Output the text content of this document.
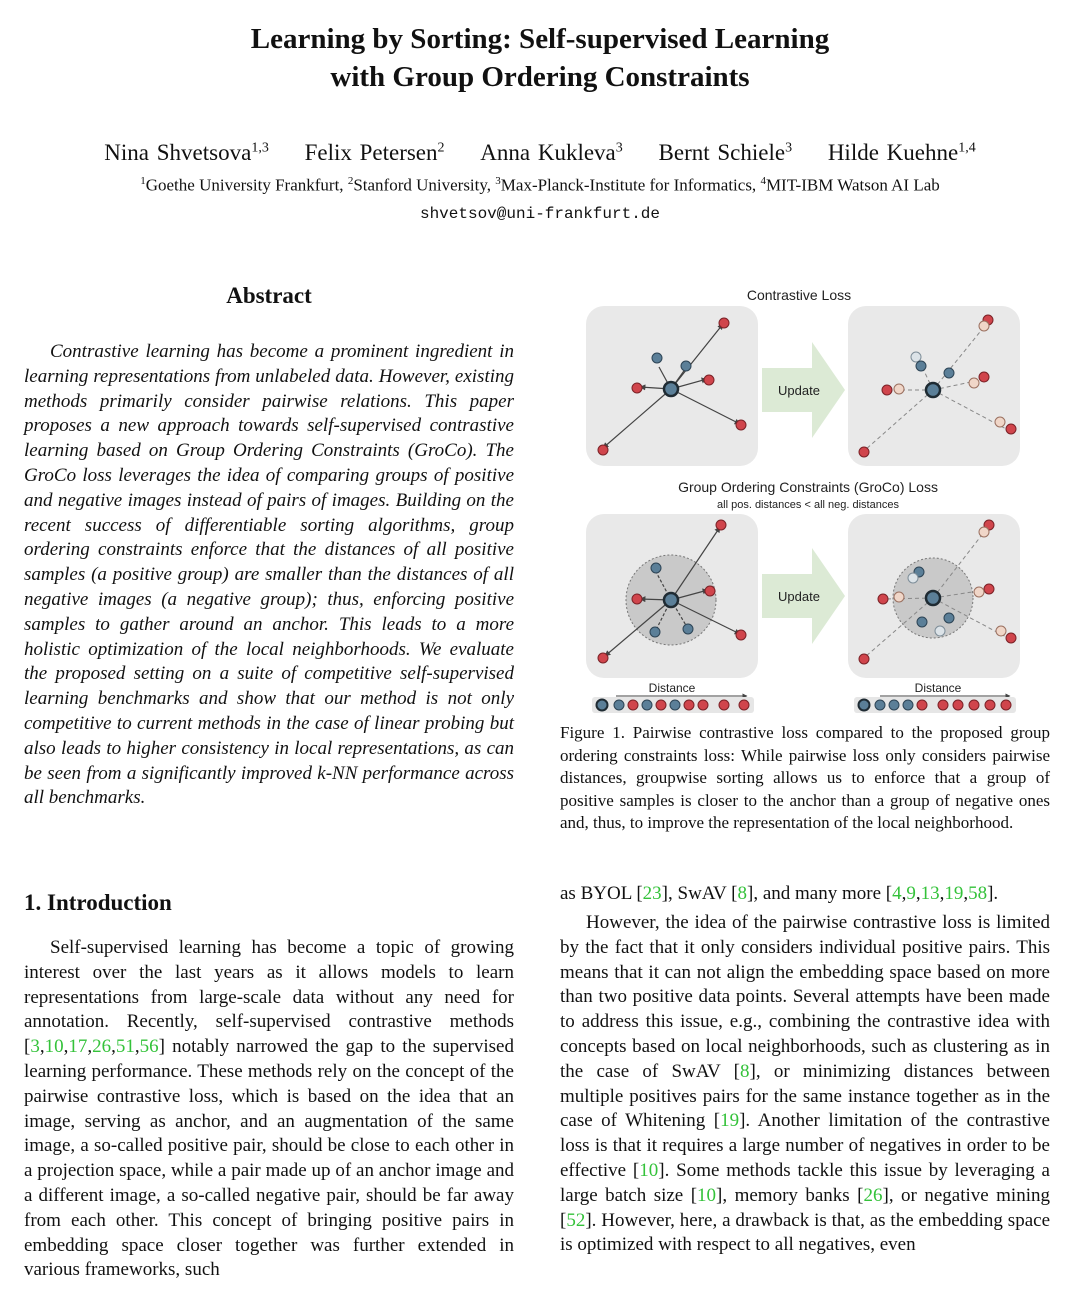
Learning by Sorting: Self-supervised Learning
with Group Ordering Constraints
Nina Shvetsova$^{1,3}$ Felix Petersen$^2$ Anna Kukleva$^3$ Bernt Schiele$^3$ Hilde Kuehne$^{1,4}$
$^1$Goethe University Frankfurt, $^2$Stanford University, $^3$Max-Planck-Institute for Informatics, $^4$MIT-IBM Watson AI Lab
shvetsov@uni-frankfurt.de
Abstract

Contrastive learning has become a prominent ingredient in learning representations from unlabeled data. However, existing methods primarily consider pairwise relations. This paper proposes a new approach towards self-supervised contrastive learning based on Group Ordering Constraints (GroCo). The GroCo loss leverages the idea of comparing groups of positive and negative images instead of pairs of images. Building on the recent success of differentiable sorting algorithms, group ordering constraints enforce that the distances of all positive samples (a positive group) are smaller than the distances of all negative images (a negative group); thus, enforcing positive samples to gather around an anchor. This leads to a more holistic optimization of the local neighborhoods. We evaluate the proposed setting on a suite of competitive self-supervised learning benchmarks and show that our method is not only competitive to current methods in the case of linear probing but also leads to higher consistency in local representations, as can be seen from a significantly improved k-NN performance across all benchmarks.

1. Introduction

Self-supervised learning has become a topic of growing interest over the last years as it allows models to learn representations from large-scale data without any need for annotation. Recently, self-supervised contrastive methods [3,10,17,26,51,56] notably narrowed the gap to the supervised learning performance. These methods rely on the concept of the pairwise contrastive loss, which is based on the idea that an image, serving as anchor, and an augmentation of the same image, a so-called positive pair, should be close to each other in a projection space, while a pair made up of an anchor image and a different image, a so-called negative pair, should be far away from each other. This concept of bringing positive pairs in embedding space closer together was further extended in various frameworks, such

as BYOL [23], SwAV [8], and many more [4,9,13,19,58].

However, the idea of the pairwise contrastive loss is limited by the fact that it only considers individual positive pairs. This means that it can not align the embedding space based on more than two positive data points. Several attempts have been made to address this issue, e.g., combining the contrastive idea with concepts based on local neighborhoods, such as clustering as in the case of SwAV [8], or minimizing distances between multiple positives pairs for the same instance together as in the case of Whitening [19]. Another limitation of the contrastive loss is that it requires a large number of negatives in order to be effective [10]. Some methods tackle this issue by leveraging a large batch size [10], memory banks [26], or negative mining [52]. However, here, a drawback is that, as the embedding space is optimized with respect to all negatives, even

Contrastive Loss
Update
Group Ordering Constraints (GroCo) Loss
all pos. distances < all neg. distances
Update
Distance	Distance

Figure 1. Pairwise contrastive loss compared to the proposed group ordering constraints loss: While pairwise loss only considers pairwise distances, groupwise sorting allows us to enforce that a group of positive samples is closer to the anchor than a group of negative ones and, thus, to improve the representation of the local neighborhood.
